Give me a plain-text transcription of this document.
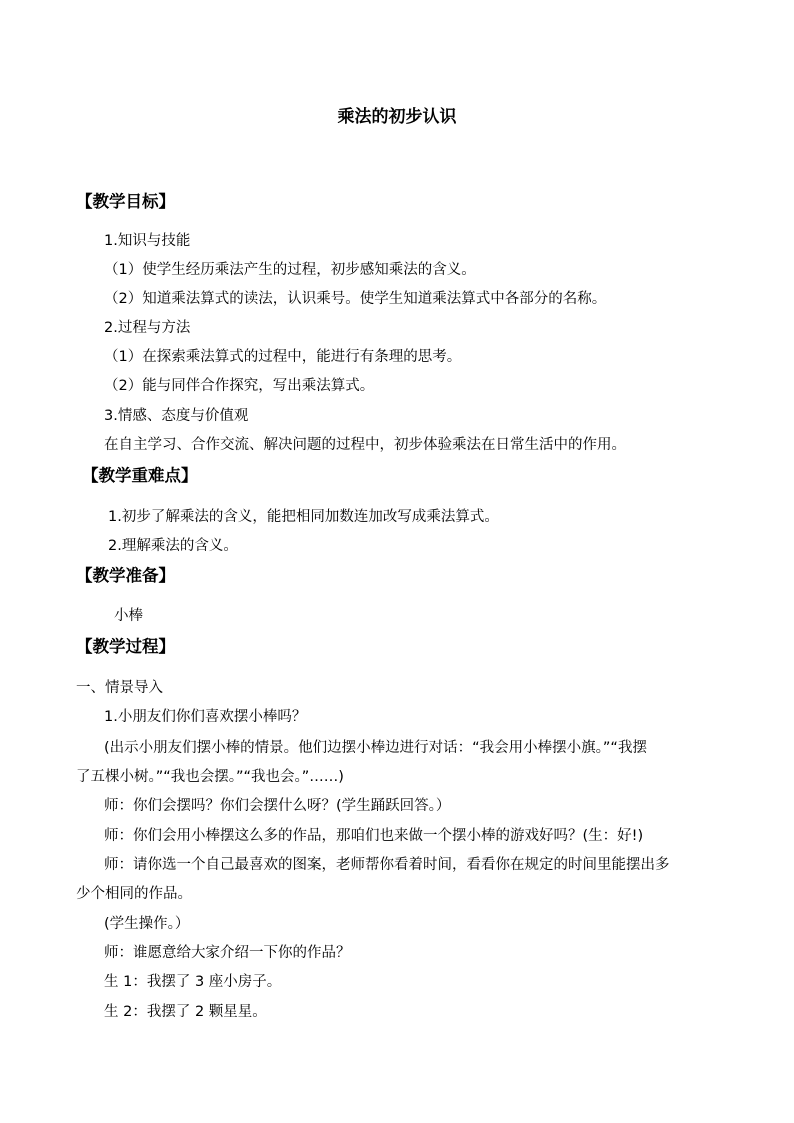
乘法的初步认识
【教学目标】
1.知识与技能
（1）使学生经历乘法产生的过程，初步感知乘法的含义。
（2）知道乘法算式的读法，认识乘号。使学生知道乘法算式中各部分的名称。
2.过程与方法
（1）在探索乘法算式的过程中，能进行有条理的思考。
（2）能与同伴合作探究，写出乘法算式。
3.情感、态度与价值观
在自主学习、合作交流、解决问题的过程中，初步体验乘法在日常生活中的作用。
【教学重难点】
1.初步了解乘法的含义，能把相同加数连加改写成乘法算式。
2.理解乘法的含义。
【教学准备】
小棒
【教学过程】
一、情景导入
1.小朋友们你们喜欢摆小棒吗？
(出示小朋友们摆小棒的情景。他们边摆小棒边进行对话：“我会用小棒摆小旗。”“我摆
了五棵小树。”“我也会摆。”“我也会。”……)
师：你们会摆吗？你们会摆什么呀？(学生踊跃回答。）
师：你们会用小棒摆这么多的作品，那咱们也来做一个摆小棒的游戏好吗？(生：好!)
师：请你选一个自己最喜欢的图案，老师帮你看着时间，看看你在规定的时间里能摆出多
少个相同的作品。
(学生操作。）
师：谁愿意给大家介绍一下你的作品？
生 1：我摆了 3 座小房子。
生 2：我摆了 2 颗星星。
